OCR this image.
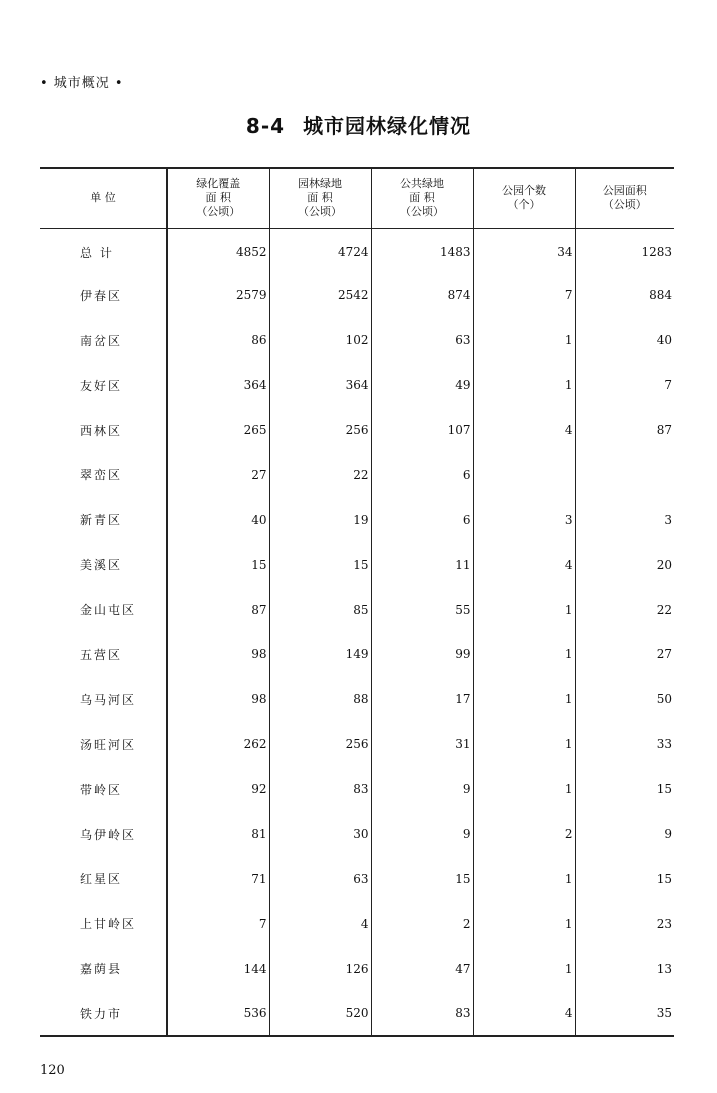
• 城市概况 •
8-4 城市园林绿化情况
单 位	绿化覆盖
面 积
（公顷）	园林绿地
面 积
（公顷）	公共绿地
面 积
（公顷）	公园个数
（个）	公园面积
（公顷）

总 计	4852	4724	1483	34	1283
伊春区	2579	2542	874	7	884
南岔区	86	102	63	1	40
友好区	364	364	49	1	7
西林区	265	256	107	4	87
翠峦区	27	22	6		
新青区	40	19	6	3	3
美溪区	15	15	11	4	20
金山屯区	87	85	55	1	22
五营区	98	149	99	1	27
乌马河区	98	88	17	1	50
汤旺河区	262	256	31	1	33
带岭区	92	83	9	1	15
乌伊岭区	81	30	9	2	9
红星区	71	63	15	1	15
上甘岭区	7	4	2	1	23
嘉荫县	144	126	47	1	13
铁力市	536	520	83	4	35
120
